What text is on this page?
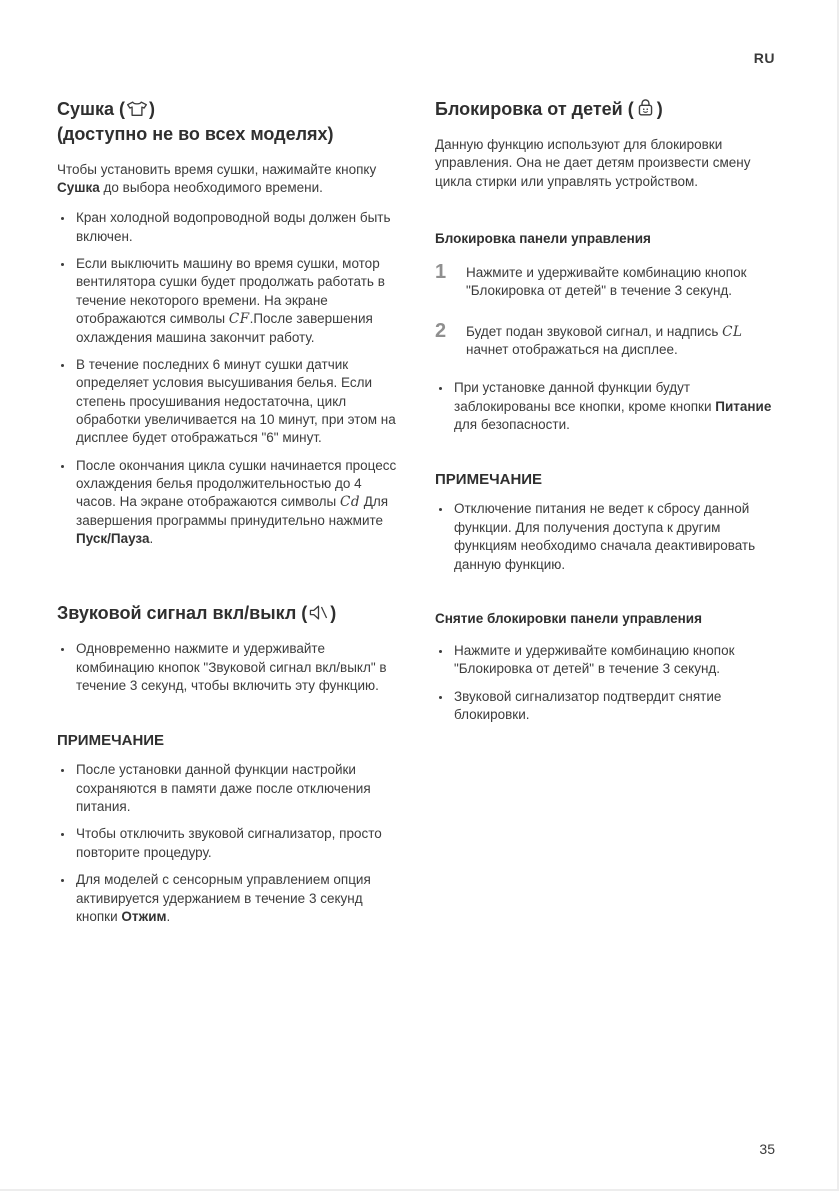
RU
Сушка ( )
(доступно не во всех моделях)

Чтобы установить время сушки, нажимайте кнопку Сушка до выбора необходимого времени.

• Кран холодной водопроводной воды должен быть включен.
• Если выключить машину во время сушки, мотор вентилятора сушки будет продолжать работать в течение некоторого времени. На экране отображаются символы CF.После завершения охлаждения машина закончит работу.
• В течение последних 6 минут сушки датчик определяет условия высушивания белья. Если степень просушивания недостаточна, цикл обработки увеличивается на 10 минут, при этом на дисплее будет отображаться "6" минут.
• После окончания цикла сушки начинается процесс охлаждения белья продолжительностью до 4 часов. На экране отображаются символы Cd Для завершения программы принудительно нажмите Пуск/Пауза.
Звуковой сигнал вкл/выкл ( )
• Одновременно нажмите и удерживайте комбинацию кнопок "Звуковой сигнал вкл/выкл" в течение 3 секунд, чтобы включить эту функцию.
ПРИМЕЧАНИЕ
• После установки данной функции настройки сохраняются в памяти даже после отключения питания.
• Чтобы отключить звуковой сигнализатор, просто повторите процедуру.
• Для моделей с сенсорным управлением опция активируется удержанием в течение 3 секунд кнопки Отжим.
Блокировка от детей ( )

Данную функцию используют для блокировки управления. Она не дает детям произвести смену цикла стирки или управлять устройством.

Блокировка панели управления
1	Нажмите и удерживайте комбинацию кнопок "Блокировка от детей" в течение 3 секунд.
2	Будет подан звуковой сигнал, и надпись CL начнет отображаться на дисплее.
• При установке данной функции будут заблокированы все кнопки, кроме кнопки Питание для безопасности.
ПРИМЕЧАНИЕ
• Отключение питания не ведет к сбросу данной функции. Для получения доступа к другим функциям необходимо сначала деактивировать данную функцию.
Снятие блокировки панели управления
• Нажмите и удерживайте комбинацию кнопок "Блокировка от детей" в течение 3 секунд.
• Звуковой сигнализатор подтвердит снятие блокировки.
35
